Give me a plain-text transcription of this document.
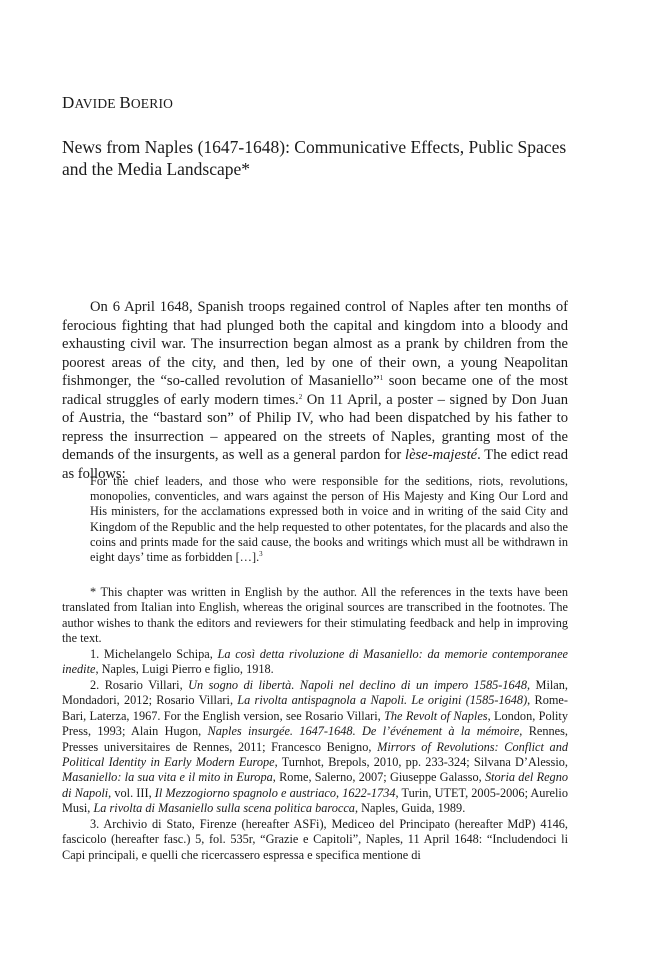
DAVIDE BOERIO
News from Naples (1647-1648): Communicative Effects, Public Spaces and the Media Landscape*

On 6 April 1648, Spanish troops regained control of Naples after ten months of ferocious fighting that had plunged both the capital and kingdom into a bloody and exhausting civil war. The insurrection began almost as a prank by children from the poorest areas of the city, and then, led by one of their own, a young Neapolitan fishmonger, the “so-called revolution of Masaniello”$^1$ soon became one of the most radical struggles of early modern times.$^2$ On 11 April, a poster – signed by Don Juan of Austria, the “bastard son” of Philip IV, who had been dispatched by his father to repress the insurrection – appeared on the streets of Naples, granting most of the demands of the insurgents, as well as a general pardon for lèse-majesté. The edict read as follows:

For the chief leaders, and those who were responsible for the seditions, riots, revolutions, monopolies, conventicles, and wars against the person of His Majesty and King Our Lord and His ministers, for the acclamations expressed both in voice and in writing of the said City and Kingdom of the Republic and the help requested to other potentates, for the placards and also the coins and prints made for the said cause, the books and writings which must all be withdrawn in eight days’ time as forbidden […].$^3$

* This chapter was written in English by the author. All the references in the texts have been translated from Italian into English, whereas the original sources are transcribed in the footnotes. The author wishes to thank the editors and reviewers for their stimulating feedback and help in improving the text.

1. Michelangelo Schipa, La così detta rivoluzione di Masaniello: da memorie contemporanee inedite, Naples, Luigi Pierro e figlio, 1918.

2. Rosario Villari, Un sogno di libertà. Napoli nel declino di un impero 1585-1648, Milan, Mondadori, 2012; Rosario Villari, La rivolta antispagnola a Napoli. Le origini (1585-1648), Rome-Bari, Laterza, 1967. For the English version, see Rosario Villari, The Revolt of Naples, London, Polity Press, 1993; Alain Hugon, Naples insurgée. 1647-1648. De l’événement à la mémoire, Rennes, Presses universitaires de Rennes, 2011; Francesco Benigno, Mirrors of Revolutions: Conflict and Political Identity in Early Modern Europe, Turnhot, Brepols, 2010, pp. 233-324; Silvana D’Alessio, Masaniello: la sua vita e il mito in Europa, Rome, Salerno, 2007; Giuseppe Galasso, Storia del Regno di Napoli, vol. III, Il Mezzogiorno spagnolo e austriaco, 1622-1734, Turin, UTET, 2005-2006; Aurelio Musi, La rivolta di Masaniello sulla scena politica barocca, Naples, Guida, 1989.

3. Archivio di Stato, Firenze (hereafter ASFi), Mediceo del Principato (hereafter MdP) 4146, fascicolo (hereafter fasc.) 5, fol. 535r, “Grazie e Capitoli”, Naples, 11 April 1648: “Includendoci li Capi principali, e quelli che ricercassero espressa e specifica mentione di
